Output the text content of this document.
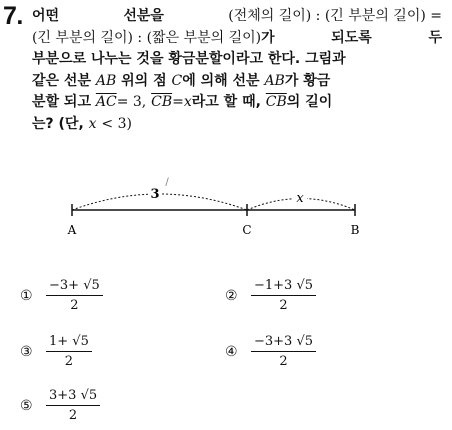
7. 어떤	선분을	(전체의 길이) : (긴 부분의 길이) =
(긴 부분의 길이) : (짧은 부분의 길이)가	되도록	두
부분으로 나누는 것을 황금분할이라고 한다. 그림과
같은 선분 AB 위의 점 C에 의해 선분 AB가 황금
분할 되고 $\overline{AC}= 3$, $\overline{CB}=x$라고 할 때, $\overline{CB}$의 길이
는? (단, x < 3)
3
/
x
A	C	B
①	$\frac{-3+ √5}{2}$	②	$\frac{-1+3 √5}{2}$
③	$\frac{1+ √5}{2}$	④	$\frac{-3+3 √5}{2}$
⑤	$\frac{3+3 √5}{2}$
